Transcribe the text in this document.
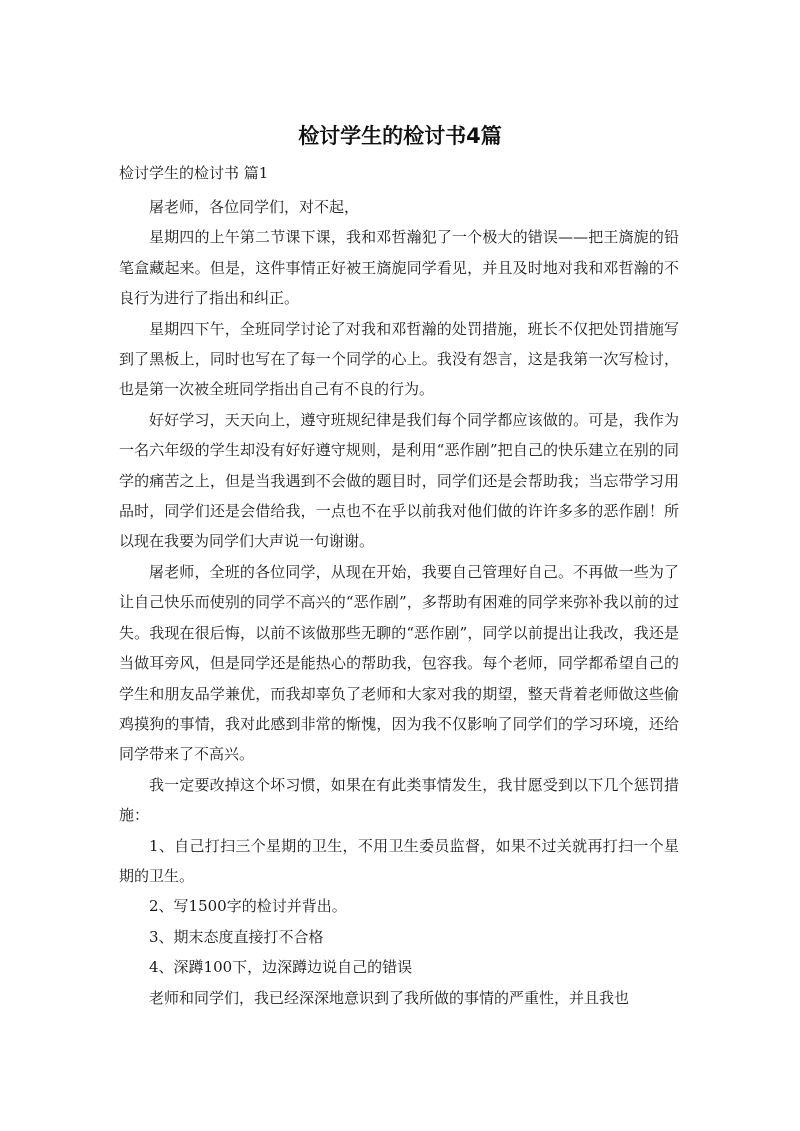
检讨学生的检讨书4篇

检讨学生的检讨书 篇1

屠老师，各位同学们，对不起，

星期四的上午第二节课下课，我和邓哲瀚犯了一个极大的错误——把王旖旎的铅笔盒藏起来。但是，这件事情正好被王旖旎同学看见，并且及时地对我和邓哲瀚的不良行为进行了指出和纠正。

星期四下午，全班同学讨论了对我和邓哲瀚的处罚措施，班长不仅把处罚措施写到了黑板上，同时也写在了每一个同学的心上。我没有怨言，这是我第一次写检讨，也是第一次被全班同学指出自己有不良的行为。

好好学习，天天向上，遵守班规纪律是我们每个同学都应该做的。可是，我作为一名六年级的学生却没有好好遵守规则，是利用“恶作剧”把自己的快乐建立在别的同学的痛苦之上，但是当我遇到不会做的题目时，同学们还是会帮助我；当忘带学习用品时，同学们还是会借给我，一点也不在乎以前我对他们做的许许多多的恶作剧！所以现在我要为同学们大声说一句谢谢。

屠老师，全班的各位同学，从现在开始，我要自己管理好自己。不再做一些为了让自己快乐而使别的同学不高兴的“恶作剧”，多帮助有困难的同学来弥补我以前的过失。我现在很后悔，以前不该做那些无聊的“恶作剧”，同学以前提出让我改，我还是当做耳旁风，但是同学还是能热心的帮助我，包容我。每个老师，同学都希望自己的学生和朋友品学兼优，而我却辜负了老师和大家对我的期望，整天背着老师做这些偷鸡摸狗的事情，我对此感到非常的惭愧，因为我不仅影响了同学们的学习环境，还给同学带来了不高兴。

我一定要改掉这个坏习惯，如果在有此类事情发生，我甘愿受到以下几个惩罚措施：

1、自己打扫三个星期的卫生，不用卫生委员监督，如果不过关就再打扫一个星期的卫生。

2、写1500字的检讨并背出。

3、期末态度直接打不合格

4、深蹲100下，边深蹲边说自己的错误

老师和同学们，我已经深深地意识到了我所做的事情的严重性，并且我也
